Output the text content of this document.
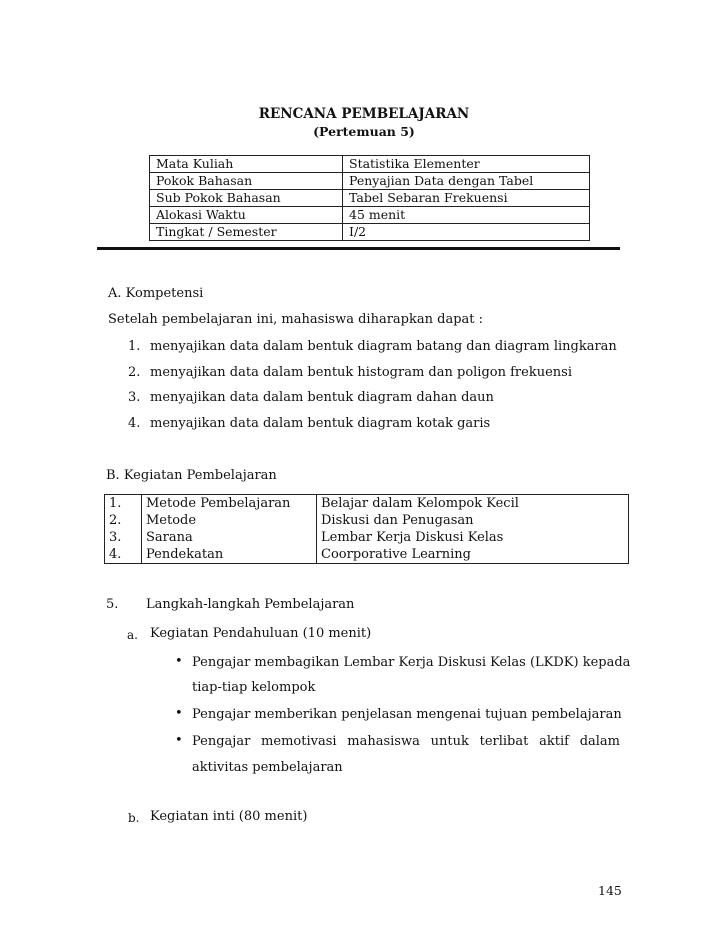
RENCANA PEMBELAJARAN
(Pertemuan 5)
Mata Kuliah	Statistika Elementer
Pokok Bahasan	Penyajian Data dengan Tabel
Sub Pokok Bahasan	Tabel Sebaran Frekuensi
Alokasi Waktu	45 menit
Tingkat / Semester	I/2
A. Kompetensi
Setelah pembelajaran ini, mahasiswa diharapkan dapat :
1. menyajikan data dalam bentuk diagram batang dan diagram lingkaran
2. menyajikan data dalam bentuk histogram dan poligon frekuensi
3. menyajikan data dalam bentuk diagram dahan daun
4. menyajikan data dalam bentuk diagram kotak garis
B. Kegiatan Pembelajaran
1.	Metode Pembelajaran	Belajar dalam Kelompok Kecil
2.	Metode	Diskusi dan Penugasan
3.	Sarana	Lembar Kerja Diskusi Kelas
4.	Pendekatan	Coorporative Learning
5. Langkah-langkah Pembelajaran
a. Kegiatan Pendahuluan (10 menit)
• Pengajar membagikan Lembar Kerja Diskusi Kelas (LKDK) kepada
tiap-tiap kelompok
• Pengajar memberikan penjelasan mengenai tujuan pembelajaran
• Pengajar memotivasi mahasiswa untuk terlibat aktif dalam
aktivitas pembelajaran
b. Kegiatan inti (80 menit)
145
